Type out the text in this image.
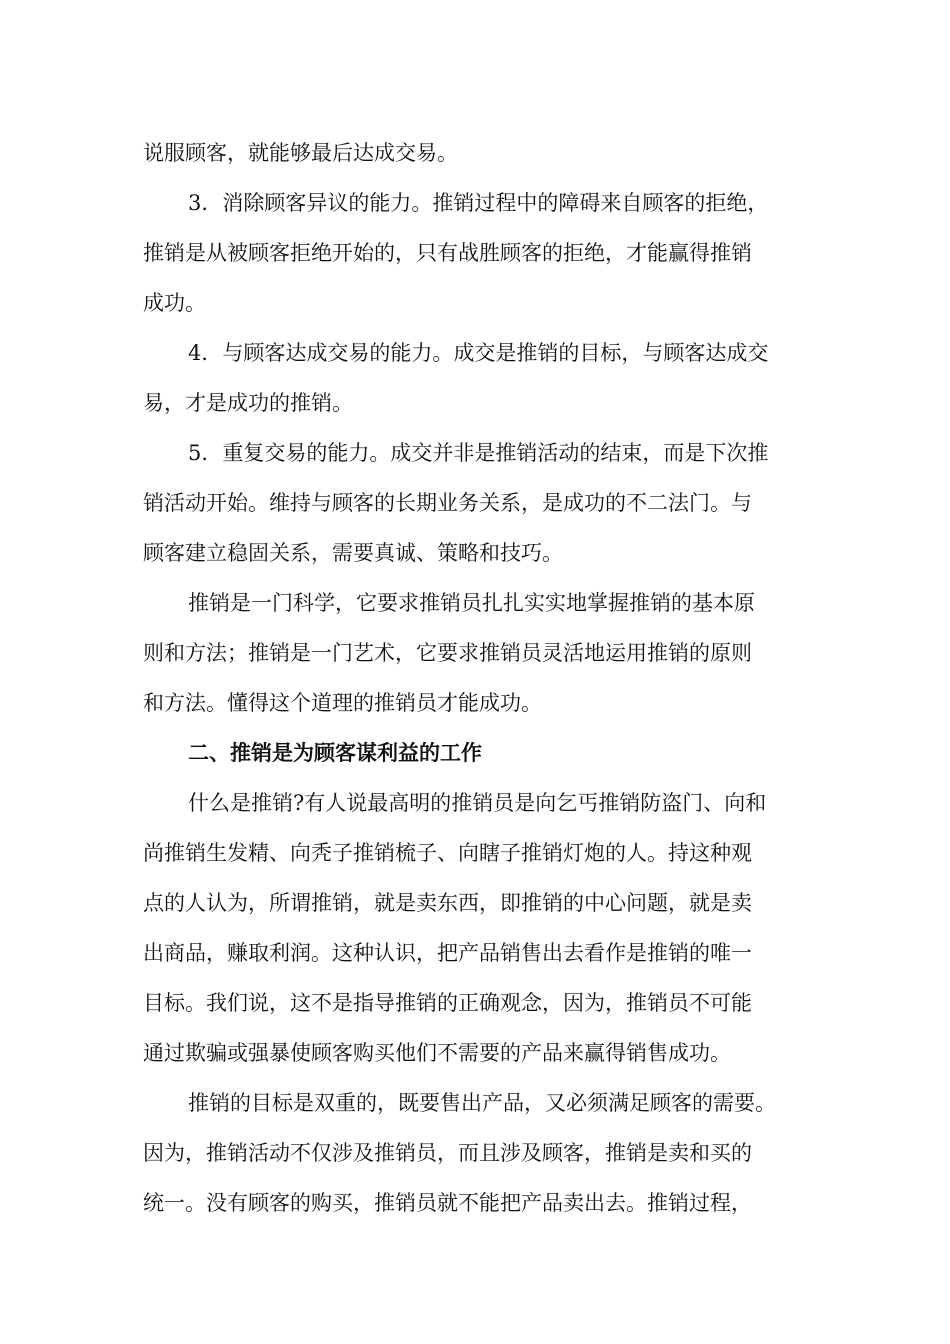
说服顾客，就能够最后达成交易。

3．消除顾客异议的能力。推销过程中的障碍来自顾客的拒绝，

推销是从被顾客拒绝开始的，只有战胜顾客的拒绝，才能赢得推销

成功。

4．与顾客达成交易的能力。成交是推销的目标，与顾客达成交

易，才是成功的推销。

5．重复交易的能力。成交并非是推销活动的结束，而是下次推

销活动开始。维持与顾客的长期业务关系，是成功的不二法门。与

顾客建立稳固关系，需要真诚、策略和技巧。

推销是一门科学，它要求推销员扎扎实实地掌握推销的基本原

则和方法；推销是一门艺术，它要求推销员灵活地运用推销的原则

和方法。懂得这个道理的推销员才能成功。

二、推销是为顾客谋利益的工作

什么是推销?有人说最高明的推销员是向乞丐推销防盗门、向和

尚推销生发精、向秃子推销梳子、向瞎子推销灯炮的人。持这种观

点的人认为，所谓推销，就是卖东西，即推销的中心问题，就是卖

出商品，赚取利润。这种认识，把产品销售出去看作是推销的唯一

目标。我们说，这不是指导推销的正确观念，因为，推销员不可能

通过欺骗或强暴使顾客购买他们不需要的产品来赢得销售成功。

推销的目标是双重的，既要售出产品，又必须满足顾客的需要。

因为，推销活动不仅涉及推销员，而且涉及顾客，推销是卖和买的

统一。没有顾客的购买，推销员就不能把产品卖出去。推销过程，
